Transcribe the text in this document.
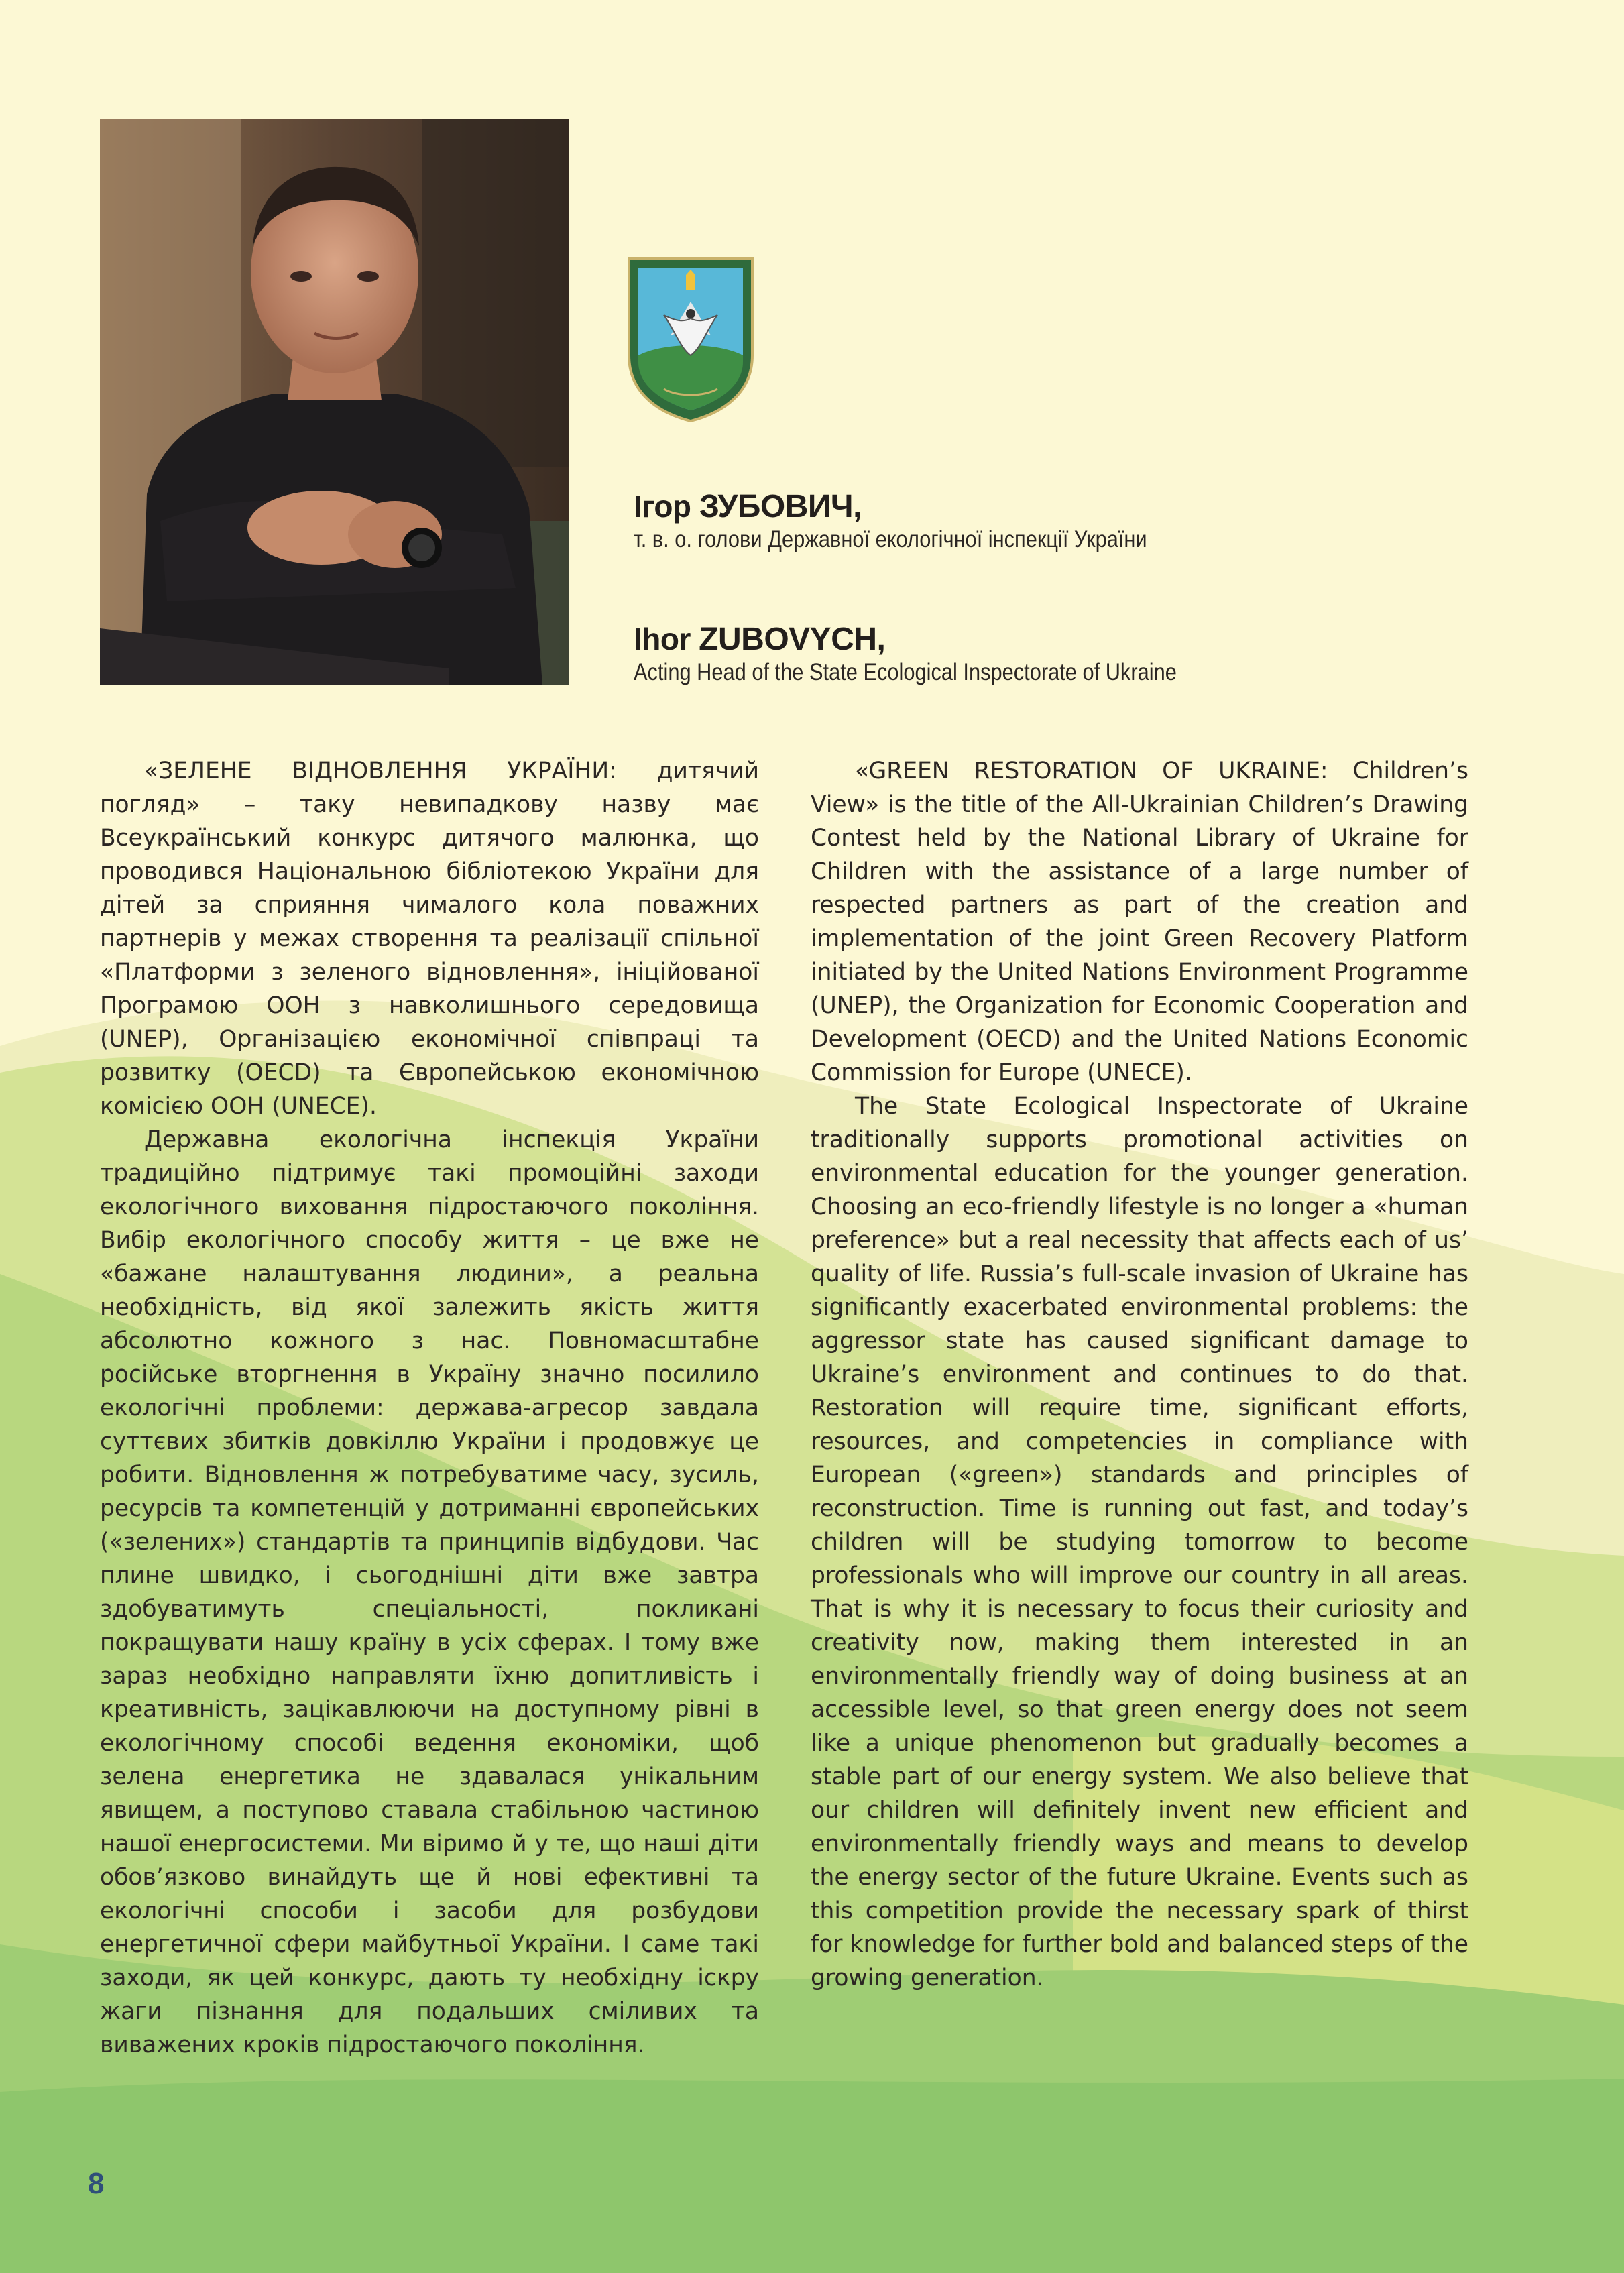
Ігор ЗУБОВИЧ,
т. в. о. голови Державної екологічної інспекції України
Ihor ZUBOVYCH,
Acting Head of the State Ecological Inspectorate of Ukraine

«ЗЕЛЕНЕ ВІДНОВЛЕННЯ УКРАЇНИ: дитячий погляд» – таку невипадкову назву має Всеукраїнський конкурс дитячого малюнка, що проводився Національною бібліотекою України для дітей за сприяння чималого кола поважних партнерів у межах створення та реалізації спільної «Платформи з зеленого відновлення», ініційованої Програмою ООН з навколишнього середовища (UNEP), Організацією економічної співпраці та розвитку (OECD) та Європейською економічною комісією ООН (UNECE).

Державна екологічна інспекція України традиційно підтримує такі промоційні заходи екологічного виховання підростаючого покоління. Вибір екологічного способу життя – це вже не «бажане налаштування людини», а реальна необхідність, від якої залежить якість життя абсолютно кожного з нас. Повномасштабне російське вторгнення в Україну значно посилило екологічні проблеми: держава-агресор завдала суттєвих збитків довкіллю України і продовжує це робити. Відновлення ж потребуватиме часу, зусиль, ресурсів та компетенцій у дотриманні європейських («зелених») стандартів та принципів відбудови. Час плине швидко, і сьогоднішні діти вже завтра здобуватимуть спеціальності, покликані покращувати нашу країну в усіх сферах. І тому вже зараз необхідно направляти їхню допитливість і креативність, зацікавлюючи на доступному рівні в екологічному способі ведення економіки, щоб зелена енергетика не здавалася унікальним явищем, а поступово ставала стабільною частиною нашої енергосистеми. Ми віримо й у те, що наші діти обов’язково винайдуть ще й нові ефективні та екологічні способи і засоби для розбудови енергетичної сфери майбутньої України. І саме такі заходи, як цей конкурс, дають ту необхідну іскру жаги пізнання для подальших сміливих та виважених кроків підростаючого покоління.

«GREEN RESTORATION OF UKRAINE: Children’s View» is the title of the All-Ukrainian Children’s Drawing Contest held by the National Library of Ukraine for Children with the assistance of a large number of respected partners as part of the creation and implementation of the joint Green Recovery Platform initiated by the United Nations Environment Programme (UNEP), the Organization for Economic Cooperation and Development (OECD) and the United Nations Economic Commission for Europe (UNECE).

The State Ecological Inspectorate of Ukraine traditionally supports promotional activities on environmental education for the younger generation. Choosing an eco-friendly lifestyle is no longer a «human preference» but a real necessity that affects each of us’ quality of life. Russia’s full-scale invasion of Ukraine has significantly exacerbated environmental problems: the aggressor state has caused significant damage to Ukraine’s environment and continues to do that. Restoration will require time, significant efforts, resources, and competencies in compliance with European («green») standards and principles of reconstruction. Time is running out fast, and today’s children will be studying tomorrow to become professionals who will improve our country in all areas. That is why it is necessary to focus their curiosity and creativity now, making them interested in an environmentally friendly way of doing business at an accessible level, so that green energy does not seem like a unique phenomenon but gradually becomes a stable part of our energy system. We also believe that our children will definitely invent new efficient and environmentally friendly ways and means to develop the energy sector of the future Ukraine. Events such as this competition provide the necessary spark of thirst for knowledge for further bold and balanced steps of the growing generation.

8
